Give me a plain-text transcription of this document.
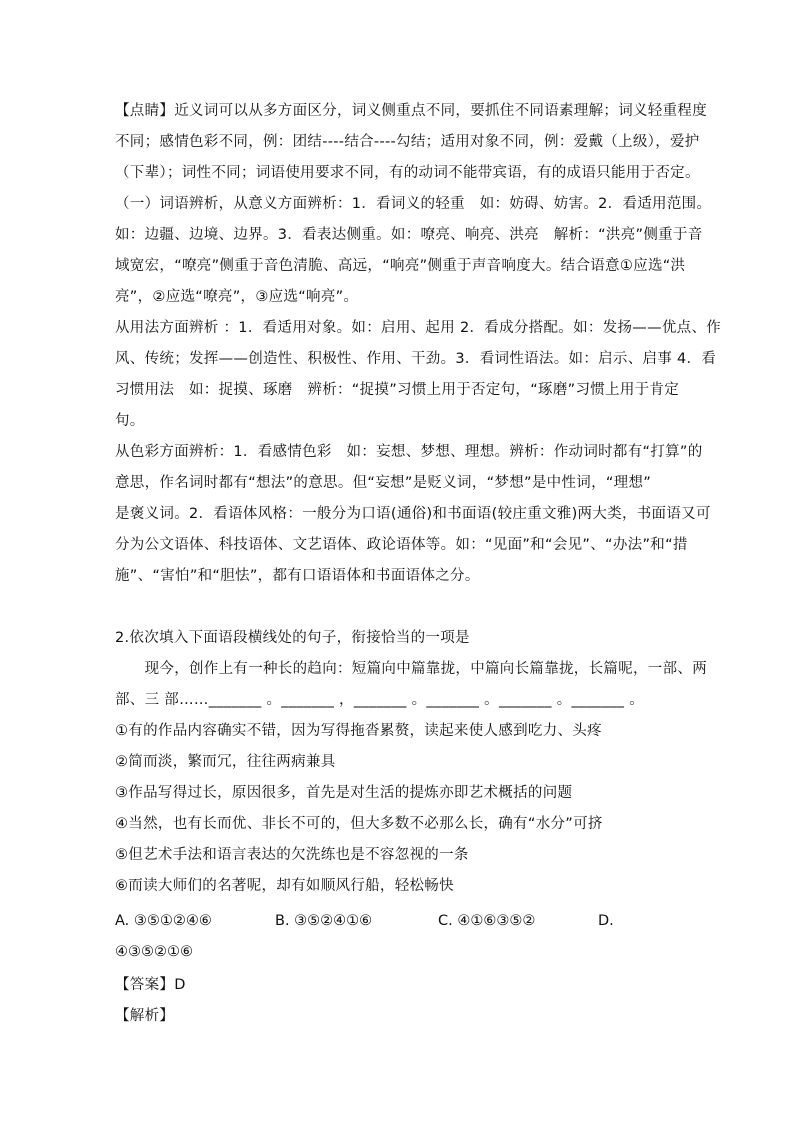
【点睛】近义词可以从多方面区分，词义侧重点不同，要抓住不同语素理解；词义轻重程度
不同；感情色彩不同，例：团结----结合----勾结；适用对象不同，例：爱戴（上级），爱护
（下辈）；词性不同；词语使用要求不同，有的动词不能带宾语，有的成语只能用于否定。
（一）词语辨析，从意义方面辨析：1．看词义的轻重　如：妨碍、妨害。2．看适用范围。
如：边疆、边境、边界。3．看表达侧重。如：嘹亮、响亮、洪亮　解析：“洪亮”侧重于音
域宽宏，“嘹亮”侧重于音色清脆、高远，“响亮”侧重于声音响度大。结合语意①应选“洪
亮”，②应选“嘹亮”，③应选“响亮”。
从用法方面辨析 ：1．看适用对象。如：启用、起用 2．看成分搭配。如：发扬——优点、作
风、传统；发挥——创造性、积极性、作用、干劲。3．看词性语法。如：启示、启事 4．看
习惯用法　如：捉摸、琢磨　辨析：“捉摸”习惯上用于否定句，“琢磨”习惯上用于肯定
句。
从色彩方面辨析：1．看感情色彩　如：妄想、梦想、理想。辨析：作动词时都有“打算”的
意思，作名词时都有“想法”的意思。但“妄想”是贬义词，“梦想”是中性词，“理想”
是褒义词。2．看语体风格：一般分为口语(通俗)和书面语(较庄重文雅)两大类，书面语又可
分为公文语体、科技语体、文艺语体、政论语体等。如：“见面”和“会见”、“办法”和“措
施”、“害怕”和“胆怯”，都有口语语体和书面语体之分。
2.依次填入下面语段横线处的句子，衔接恰当的一项是
　　现今，创作上有一种长的趋向：短篇向中篇靠拢，中篇向长篇靠拢，长篇呢，一部、两
部、三 部……_______ 。_______ ，_______ 。_______ 。_______ 。_______ 。
①有的作品内容确实不错，因为写得拖沓累赘，读起来使人感到吃力、头疼
②简而淡，繁而冗，往往两病兼具
③作品写得过长，原因很多，首先是对生活的提炼亦即艺术概括的问题
④当然，也有长而优、非长不可的，但大多数不必那么长，确有“水分”可挤
⑤但艺术手法和语言表达的欠洗练也是不容忽视的一条
⑥而读大师们的名著呢，却有如顺风行船，轻松畅快
A. ③⑤①②④⑥	B. ③⑤②④①⑥	C. ④①⑥③⑤②	D.
④③⑤②①⑥
【答案】D
【解析】
